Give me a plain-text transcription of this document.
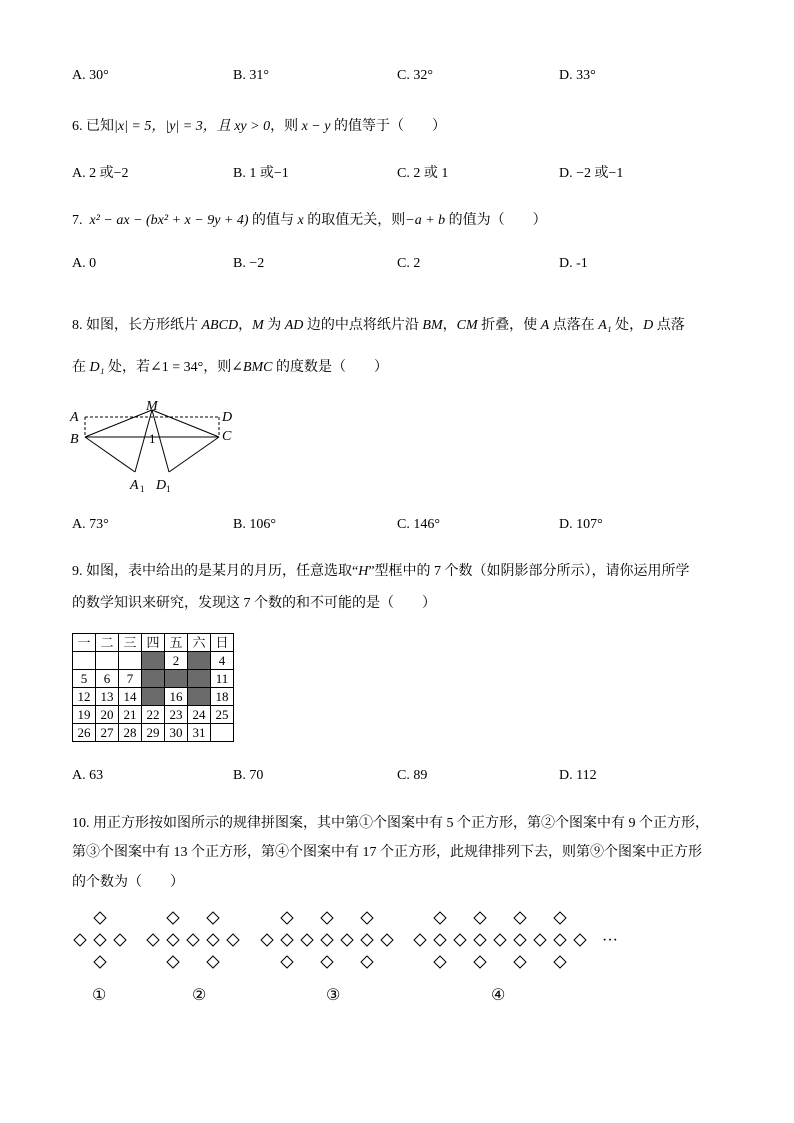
A. 30°	B. 31°	C. 32°	D. 33°
6. 已知|x| = 5，|y| = 3，且 xy > 0，则 x − y 的值等于（　　）
A. 2 或−2	B. 1 或−1	C. 2 或 1	D. −2 或−1
7. x² − ax − (bx² + x − 9y + 4) 的值与 x 的取值无关，则−a + b 的值为（　　）
A. 0	B. −2	C. 2	D. -1
8. 如图，长方形纸片 ABCD，M 为 AD 边的中点将纸片沿 BM，CM 折叠，使 A 点落在 A₁ 处，D 点落
在 D₁ 处，若∠1 = 34°，则∠BMC 的度数是（　　）
A
M
D
B	C
A D
1 1
1
A. 73°	B. 106°	C. 146°	D. 107°
9. 如图，表中给出的是某月的月历，任意选取“H”型框中的 7 个数（如阴影部分所示），请你运用所学
的数学知识来研究，发现这 7 个数的和不可能的是（　　）
一	二	三	四	五	六	日
				2		4
5	6	7				11
12	13	14		16		18
19	20	21	22	23	24	25
26	27	28	29	30	31	
A. 63	B. 70	C. 89	D. 112
10. 用正方形按如图所示的规律拼图案，其中第①个图案中有 5 个正方形，第②个图案中有 9 个正方形，
第③个图案中有 13 个正方形，第④个图案中有 17 个正方形，此规律排列下去，则第⑨个图案中正方形
的个数为（　　）
···
①	②	③	④
